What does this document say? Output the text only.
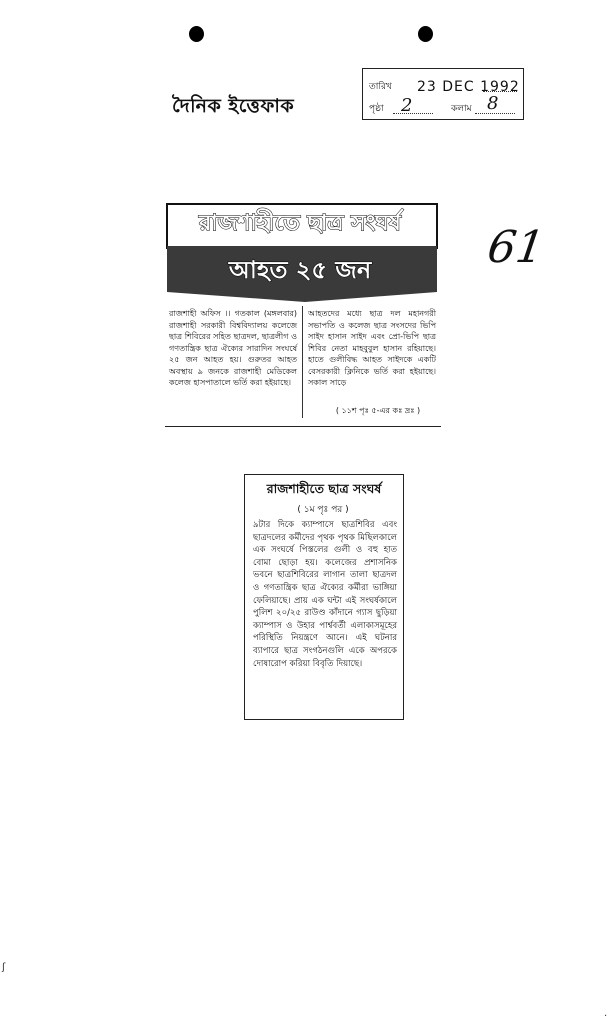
দৈনিক ইত্তেফাক
তারিখ	23 DEC 1992
পৃষ্ঠা 2	কলাম 8
61
রাজশাহীতে ছাত্র সংঘর্ষ
আহত ২৫ জন
রাজশাহী অফিস ।। গতকাল (মঙ্গলবার) রাজশাহী সরকারী বিশ্ববিদ্যালয় কলেজে ছাত্র শিবিরের সহিত ছাত্রদল, ছাত্রলীগ ও গণতান্ত্রিক ছাত্র ঐক্যের সারাদিন সংঘর্ষে ২৫ জন আহত হয়। গুরুতর আহত অবস্থায় ৯ জনকে রাজশাহী মেডিকেল কলেজ হাসপাতালে ভর্তি করা হইয়াছে।
আহতদের মধ্যে ছাত্র দল মহানগরী সভাপতি ও কলেজ ছাত্র সংসদের ভিপি সাইদ হাসান সাইদ এবং প্রো-ভিপি ছাত্র শিবির নেতা মাহবুবুল হাসান রহিয়াছে। হাতে গুলীবিদ্ধ আহত সাইদকে একটি বেসরকারী ক্লিনিকে ভর্তি করা হইয়াছে। সকাল সাড়ে
( ১১শ পৃঃ ৫-এর কঃ দ্রঃ )
রাজশাহীতে ছাত্র সংঘর্ষ
( ১ম পৃঃ পর )
৯টার দিকে ক্যাম্পাসে ছাত্রশিবির এবং ছাত্রদলের কর্মীদের পৃথক পৃথক মিছিলকালে এক সংঘর্ষে পিস্তলের গুলী ও বহু হাত বোমা ছোড়া হয়। কলেজের প্রশাসনিক ভবনে ছাত্রশিবিরের লাগান তালা ছাত্রদল ও গণতান্ত্রিক ছাত্র ঐক্যের কর্মীরা ভাঙ্গিয়া ফেলিয়াছে। প্রায় এক ঘন্টা এই সংঘর্ষকালে পুলিশ ২০/২৫ রাউণ্ড কাঁদানে গ্যাস ছুড়িয়া ক্যাম্পাস ও উহার পার্শ্ববর্তী এলাকাসমূহের পরিস্থিতি নিয়ন্ত্রণে আনে। এই ঘটনার ব্যাপারে ছাত্র সংগঠনগুলি একে অপরকে দোষারোপ করিয়া বিবৃতি দিয়াছে।
ʃ
.
